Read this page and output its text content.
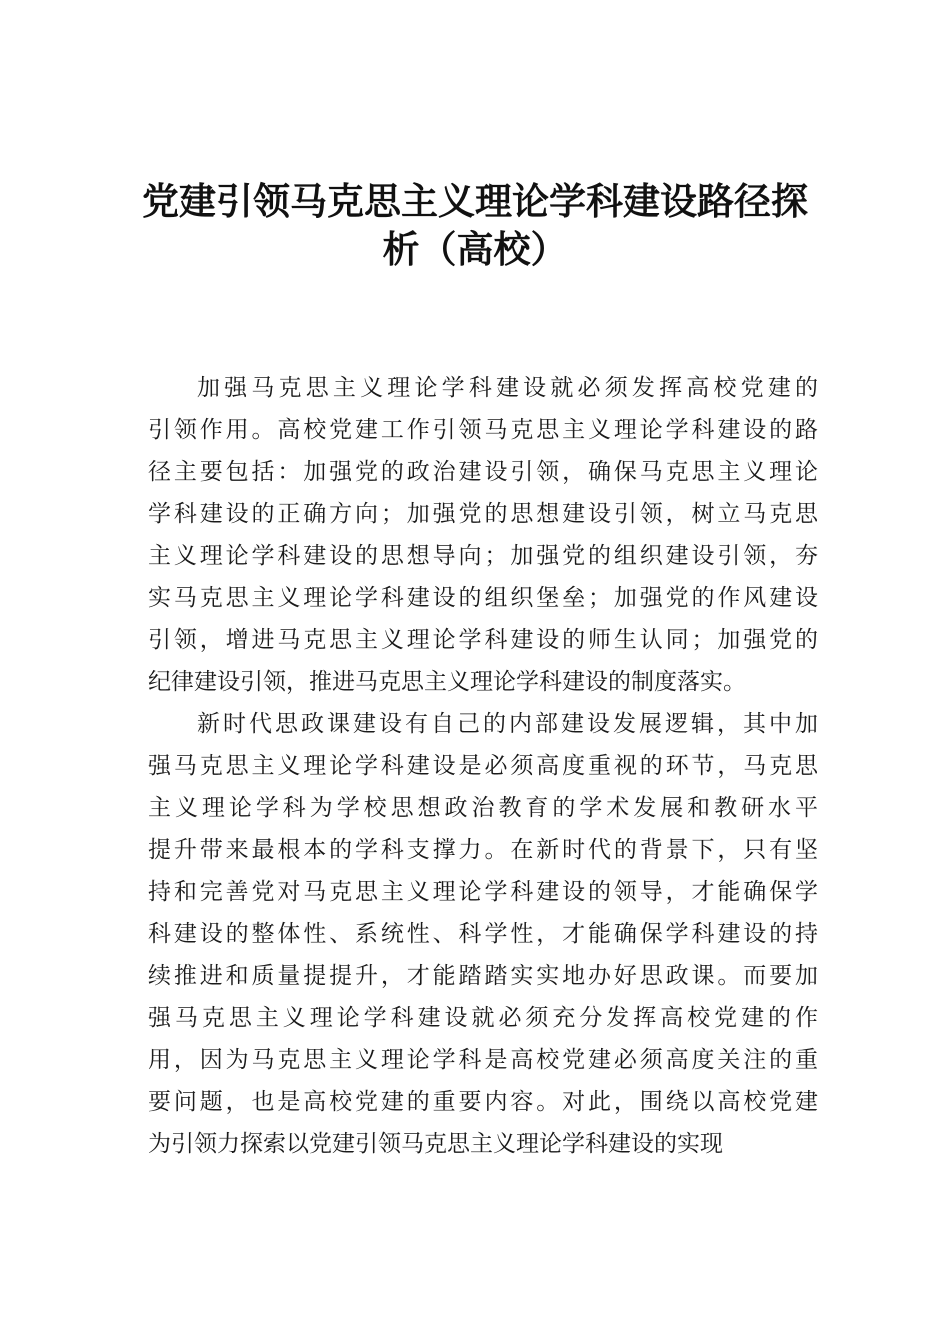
党建引领马克思主义理论学科建设路径探
析（高校）
加强马克思主义理论学科建设就必须发挥高校党建的
引领作用。高校党建工作引领马克思主义理论学科建设的路
径主要包括：加强党的政治建设引领，确保马克思主义理论
学科建设的正确方向；加强党的思想建设引领，树立马克思
主义理论学科建设的思想导向；加强党的组织建设引领，夯
实马克思主义理论学科建设的组织堡垒；加强党的作风建设
引领，增进马克思主义理论学科建设的师生认同；加强党的
纪律建设引领，推进马克思主义理论学科建设的制度落实。
新时代思政课建设有自己的内部建设发展逻辑，其中加
强马克思主义理论学科建设是必须高度重视的环节，马克思
主义理论学科为学校思想政治教育的学术发展和教研水平
提升带来最根本的学科支撑力。在新时代的背景下，只有坚
持和完善党对马克思主义理论学科建设的领导，才能确保学
科建设的整体性、系统性、科学性，才能确保学科建设的持
续推进和质量提提升，才能踏踏实实地办好思政课。而要加
强马克思主义理论学科建设就必须充分发挥高校党建的作
用，因为马克思主义理论学科是高校党建必须高度关注的重
要问题，也是高校党建的重要内容。对此，围绕以高校党建
为引领力探索以党建引领马克思主义理论学科建设的实现
